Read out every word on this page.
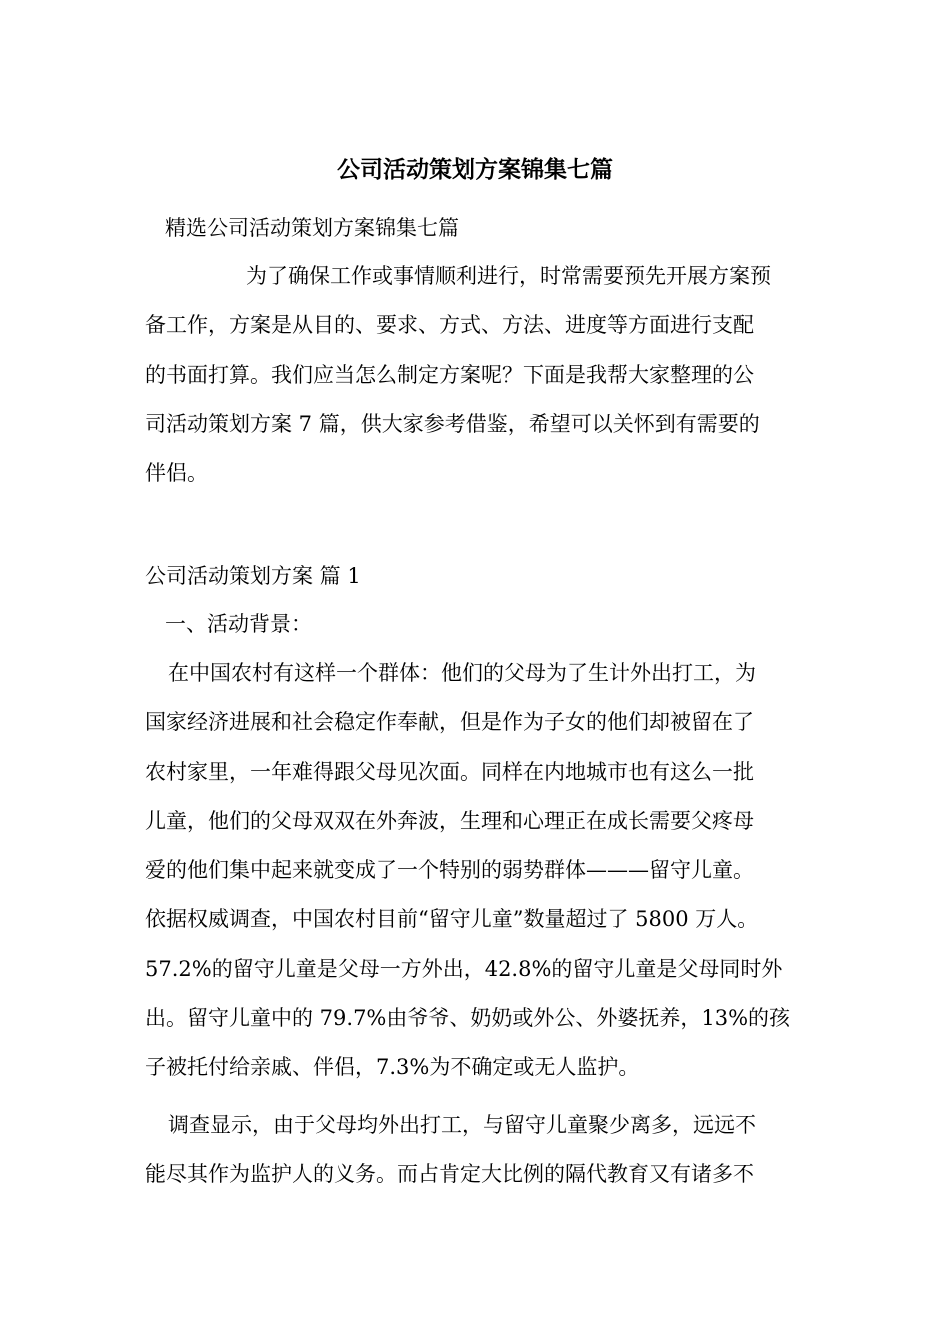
公司活动策划方案锦集七篇
精选公司活动策划方案锦集七篇
为了确保工作或事情顺利进行，时常需要预先开展方案预
备工作，方案是从目的、要求、方式、方法、进度等方面进行支配
的书面打算。我们应当怎么制定方案呢？下面是我帮大家整理的公
司活动策划方案 7 篇，供大家参考借鉴，希望可以关怀到有需要的
伴侣。
公司活动策划方案 篇 1
一、活动背景：
在中国农村有这样一个群体：他们的父母为了生计外出打工，为
国家经济进展和社会稳定作奉献，但是作为子女的他们却被留在了
农村家里，一年难得跟父母见次面。同样在内地城市也有这么一批
儿童，他们的父母双双在外奔波，生理和心理正在成长需要父疼母
爱的他们集中起来就变成了一个特别的弱势群体———留守儿童。
依据权威调查，中国农村目前“留守儿童”数量超过了 5800 万人。
57.2%的留守儿童是父母一方外出，42.8%的留守儿童是父母同时外
出。留守儿童中的 79.7%由爷爷、奶奶或外公、外婆抚养，13%的孩
子被托付给亲戚、伴侣，7.3%为不确定或无人监护。
调查显示，由于父母均外出打工，与留守儿童聚少离多，远远不
能尽其作为监护人的义务。而占肯定大比例的隔代教育又有诸多不
